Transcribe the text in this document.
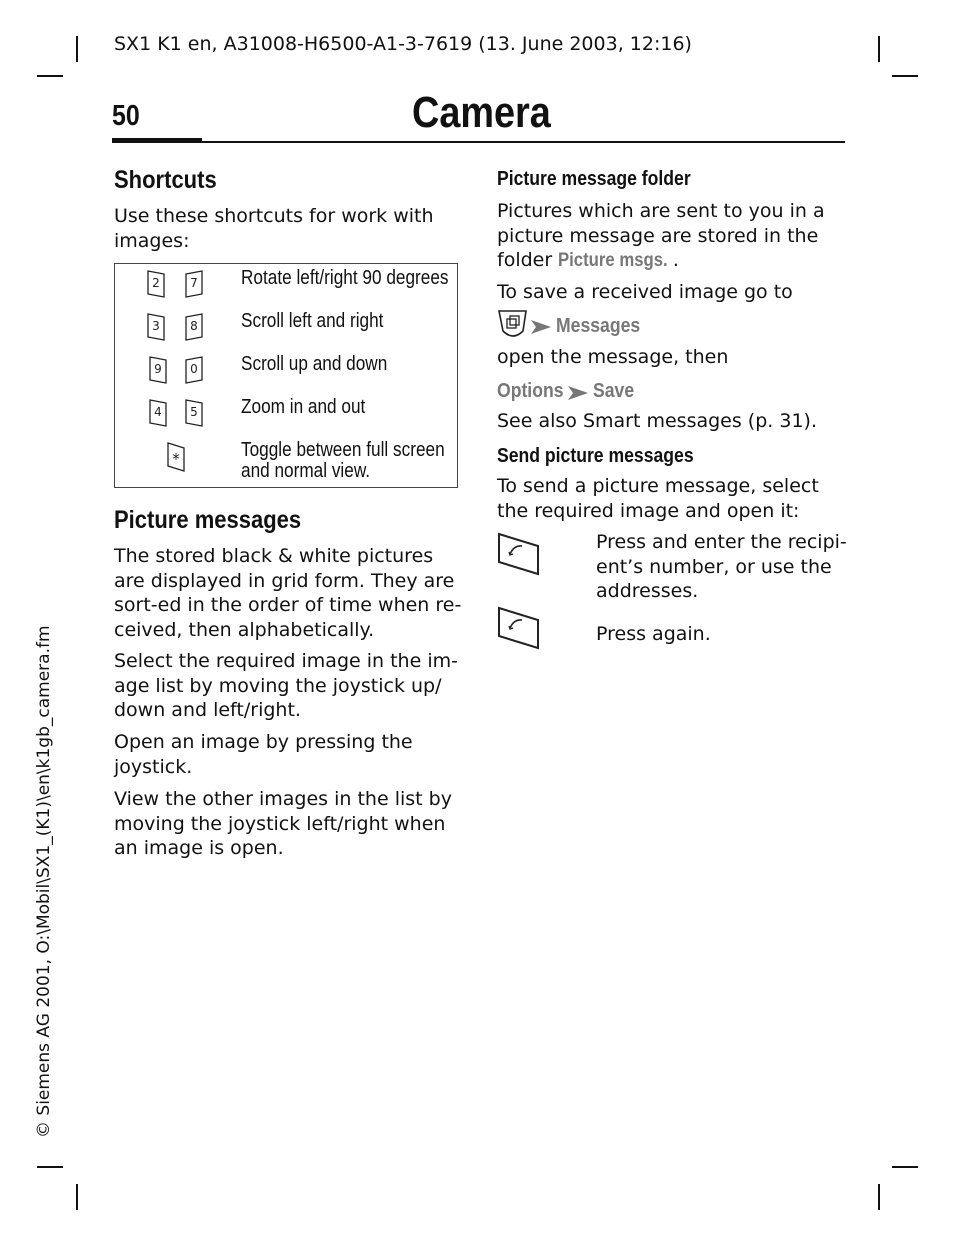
SX1 K1 en, A31008-H6500-A1-3-7619 (13. June 2003, 12:16)
50	Camera
Shortcuts
Use these shortcuts for work with images:
2	7 Rotate left/right 90 degrees
3	8 Scroll left and right
9	0 Scroll up and down
4	5 Zoom in and out
*	Toggle between full screen
and normal view.
Picture messages
The stored black & white pictures are displayed in grid form. They are sort-ed in the order of time when re-ceived, then alphabetically.
Select the required image in the im-age list by moving the joystick up/ down and left/right.
Open an image by pressing the joystick.
View the other images in the list by moving the joystick left/right when an image is open.
Picture message folder
Pictures which are sent to you in a
picture message are stored in the
folder Picture msgs. .
To save a received image go to
Messages
open the message, then
Options	Save
See also Smart messages (p. 31).
Send picture messages
To send a picture message, select the required image and open it:
Press and enter the recipi-
ent’s number, or use the
addresses.
Press again.
© Siemens AG 2001, O:\Mobil\SX1_(K1)\en\k1gb_camera.fm
